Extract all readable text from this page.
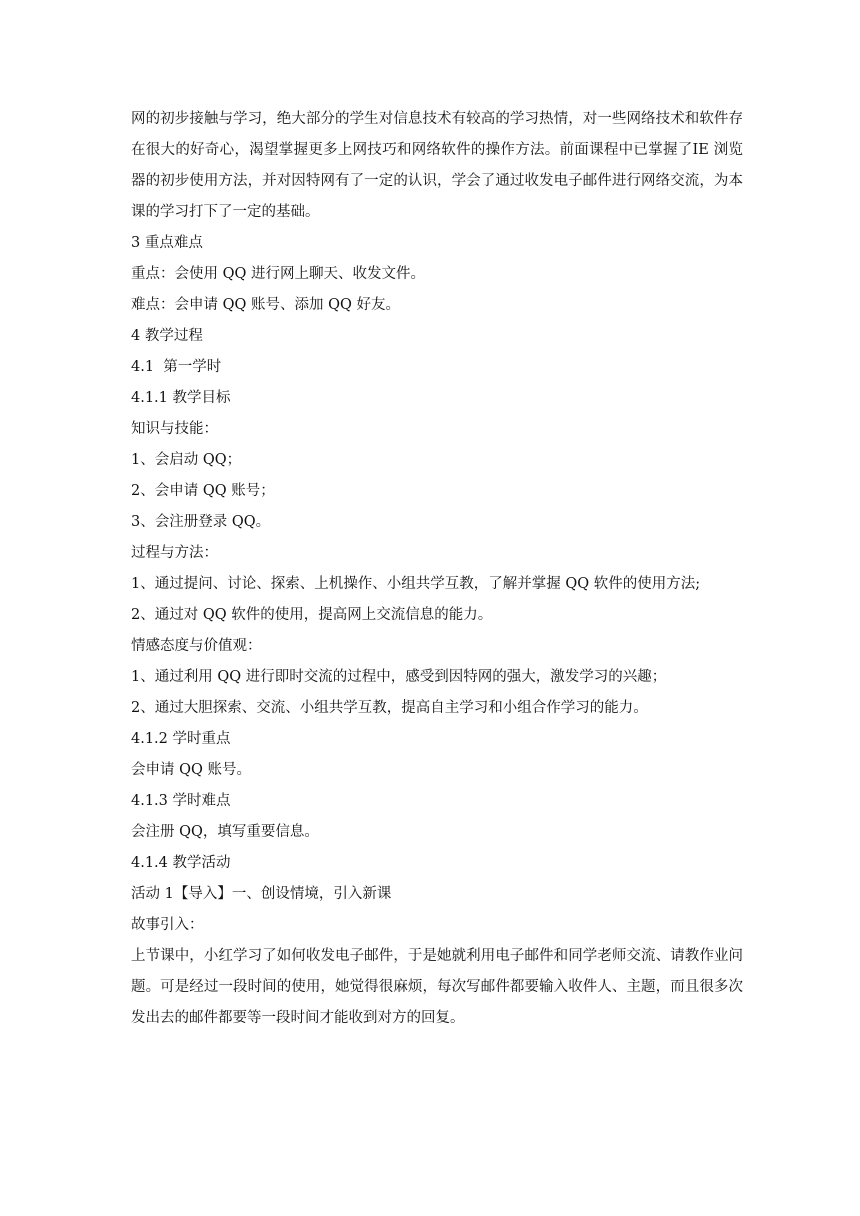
网的初步接触与学习，绝大部分的学生对信息技术有较高的学习热情，对一些网络技术和软件存在很大的好奇心，渴望掌握更多上网技巧和网络软件的操作方法。前面课程中已掌握了IE 浏览器的初步使用方法，并对因特网有了一定的认识，学会了通过收发电子邮件进行网络交流，为本课的学习打下了一定的基础。

3 重点难点

重点：会使用 QQ 进行网上聊天、收发文件。

难点：会申请 QQ 账号、添加 QQ 好友。

4 教学过程

4.1  第一学时

4.1.1 教学目标

知识与技能：

1、会启动 QQ；

2、会申请 QQ 账号；

3、会注册登录 QQ。

过程与方法：

1、通过提问、讨论、探索、上机操作、小组共学互教，了解并掌握 QQ 软件的使用方法;

2、通过对 QQ 软件的使用，提高网上交流信息的能力。

情感态度与价值观：

1、通过利用 QQ 进行即时交流的过程中，感受到因特网的强大，激发学习的兴趣；

2、通过大胆探索、交流、小组共学互教，提高自主学习和小组合作学习的能力。

4.1.2 学时重点

会申请 QQ 账号。

4.1.3 学时难点

会注册 QQ，填写重要信息。

4.1.4 教学活动

活动 1【导入】一、创设情境，引入新课

故事引入：

上节课中，小红学习了如何收发电子邮件，于是她就利用电子邮件和同学老师交流、请教作业问题。可是经过一段时间的使用，她觉得很麻烦，每次写邮件都要输入收件人、主题，而且很多次发出去的邮件都要等一段时间才能收到对方的回复。
